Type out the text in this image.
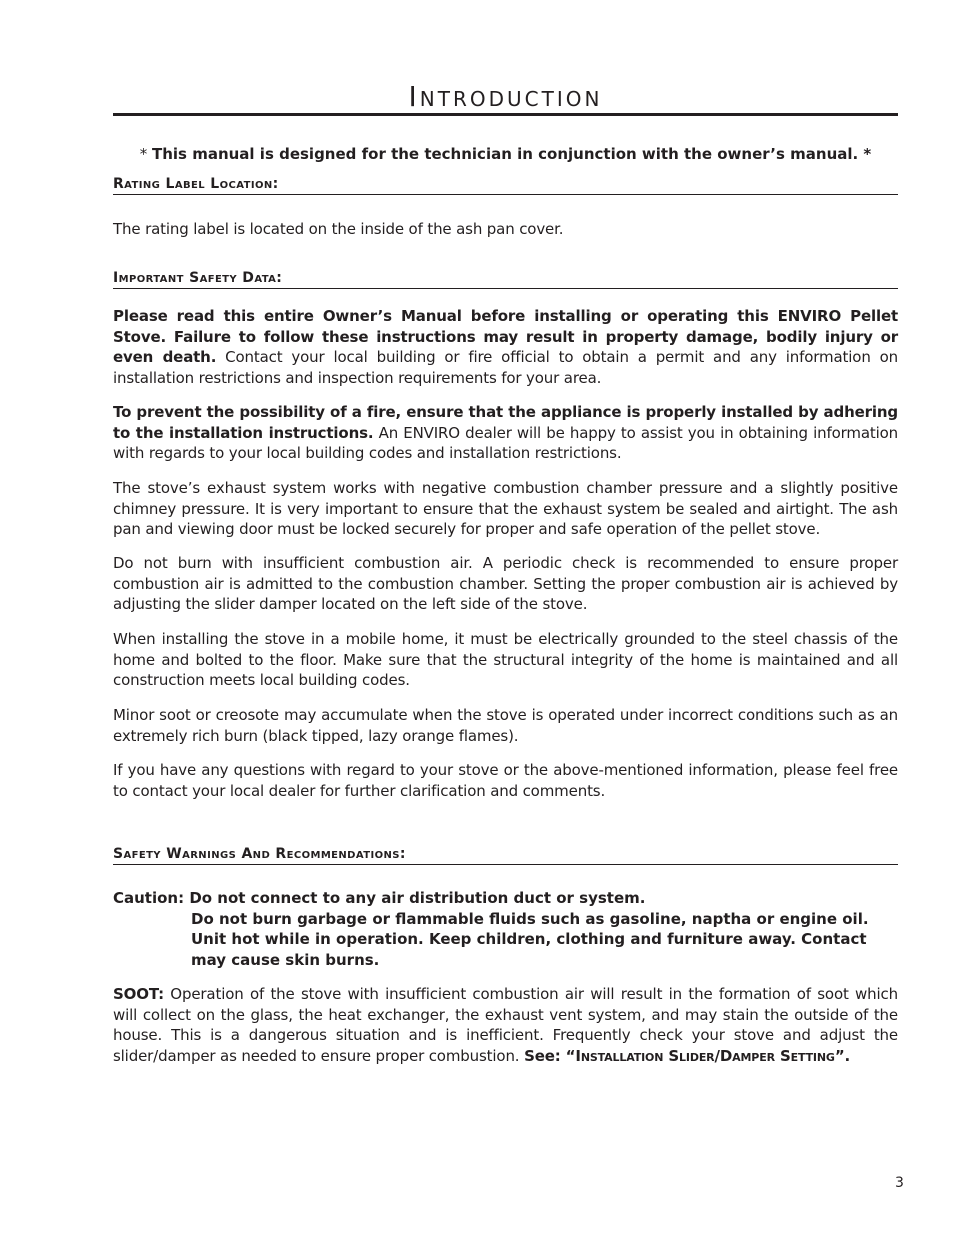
Introduction
* This manual is designed for the technician in conjunction with the owner’s manual. *
Rating Label Location:
The rating label is located on the inside of the ash pan cover.
Important Safety Data:
Please read this entire Owner’s Manual before installing or operating this ENVIRO Pellet Stove. Failure to follow these instructions may result in property damage, bodily injury or even death. Contact your local building or fire official to obtain a permit and any information on installation restrictions and inspection requirements for your area.
To prevent the possibility of a fire, ensure that the appliance is properly installed by adhering to the installation instructions. An ENVIRO dealer will be happy to assist you in obtaining information with regards to your local building codes and installation restrictions.
The stove’s exhaust system works with negative combustion chamber pressure and a slightly positive chimney pressure. It is very important to ensure that the exhaust system be sealed and airtight. The ash pan and viewing door must be locked securely for proper and safe operation of the pellet stove.
Do not burn with insufficient combustion air. A periodic check is recommended to ensure proper combustion air is admitted to the combustion chamber. Setting the proper combustion air is achieved by adjusting the slider damper located on the left side of the stove.
When installing the stove in a mobile home, it must be electrically grounded to the steel chassis of the home and bolted to the floor. Make sure that the structural integrity of the home is maintained and all construction meets local building codes.
Minor soot or creosote may accumulate when the stove is operated under incorrect conditions such as an extremely rich burn (black tipped, lazy orange flames).
If you have any questions with regard to your stove or the above-mentioned information, please feel free to contact your local dealer for further clarification and comments.
Safety Warnings And Recommendations:
Caution: Do not connect to any air distribution duct or system.
Do not burn garbage or flammable fluids such as gasoline, naptha or engine oil.
Unit hot while in operation. Keep children, clothing and furniture away. Contact may cause skin burns.
SOOT: Operation of the stove with insufficient combustion air will result in the formation of soot which will collect on the glass, the heat exchanger, the exhaust vent system, and may stain the outside of the house. This is a dangerous situation and is inefficient. Frequently check your stove and adjust the slider/damper as needed to ensure proper combustion. See: “Installation Slider/Damper Setting”.
3
